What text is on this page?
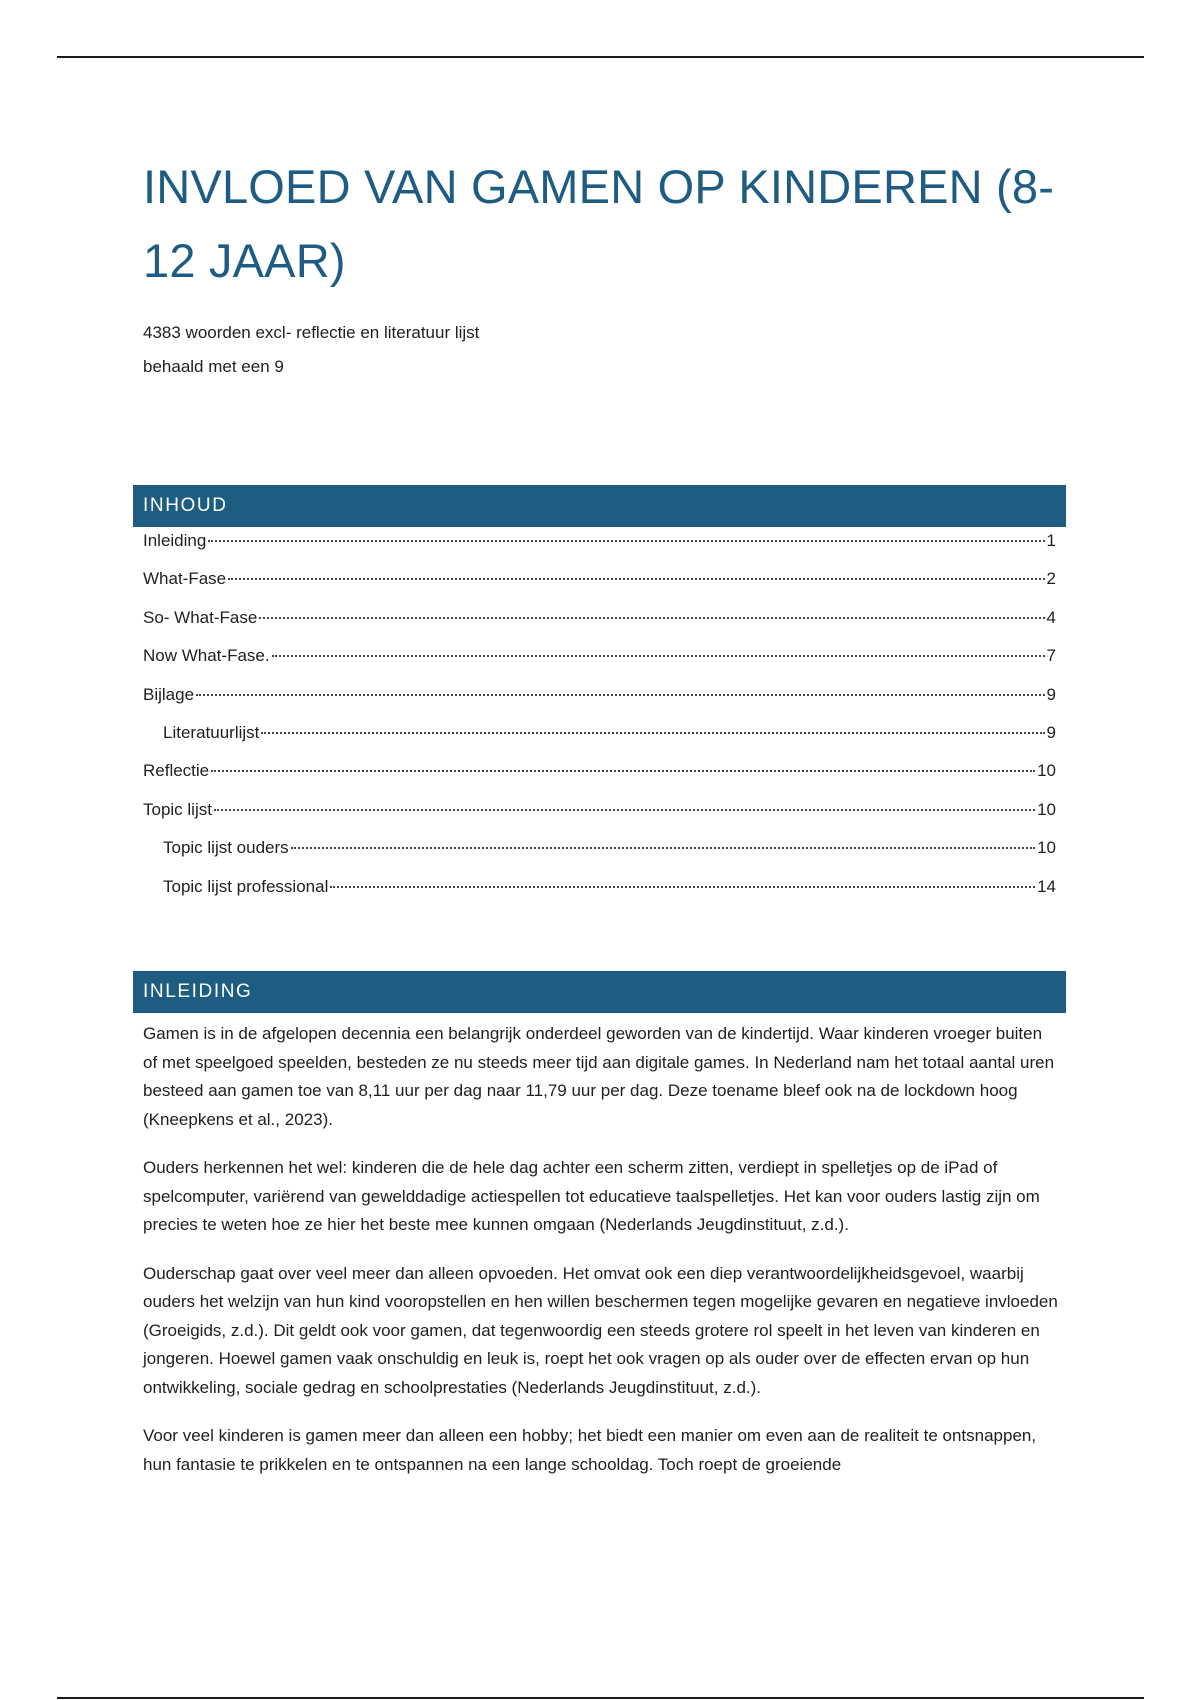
INVLOED VAN GAMEN OP KINDEREN (8-12 JAAR)
4383 woorden excl- reflectie en literatuur lijst
behaald met een 9
INHOUD
Inleiding	1
What-Fase	2
So- What-Fase	4
Now What-Fase.	7
Bijlage	9
Literatuurlijst	9
Reflectie	10
Topic lijst	10
Topic lijst ouders	10
Topic lijst professional	14
INLEIDING

Gamen is in de afgelopen decennia een belangrijk onderdeel geworden van de kindertijd. Waar kinderen vroeger buiten of met speelgoed speelden, besteden ze nu steeds meer tijd aan digitale games. In Nederland nam het totaal aantal uren besteed aan gamen toe van 8,11 uur per dag naar 11,79 uur per dag. Deze toename bleef ook na de lockdown hoog (Kneepkens et al., 2023).

Ouders herkennen het wel: kinderen die de hele dag achter een scherm zitten, verdiept in spelletjes op de iPad of spelcomputer, variërend van gewelddadige actiespellen tot educatieve taalspelletjes. Het kan voor ouders lastig zijn om precies te weten hoe ze hier het beste mee kunnen omgaan (Nederlands Jeugdinstituut, z.d.).

Ouderschap gaat over veel meer dan alleen opvoeden. Het omvat ook een diep verantwoordelijkheidsgevoel, waarbij ouders het welzijn van hun kind vooropstellen en hen willen beschermen tegen mogelijke gevaren en negatieve invloeden (Groeigids, z.d.). Dit geldt ook voor gamen, dat tegenwoordig een steeds grotere rol speelt in het leven van kinderen en jongeren. Hoewel gamen vaak onschuldig en leuk is, roept het ook vragen op als ouder over de effecten ervan op hun ontwikkeling, sociale gedrag en schoolprestaties (Nederlands Jeugdinstituut, z.d.).

Voor veel kinderen is gamen meer dan alleen een hobby; het biedt een manier om even aan de realiteit te ontsnappen, hun fantasie te prikkelen en te ontspannen na een lange schooldag. Toch roept de groeiende
